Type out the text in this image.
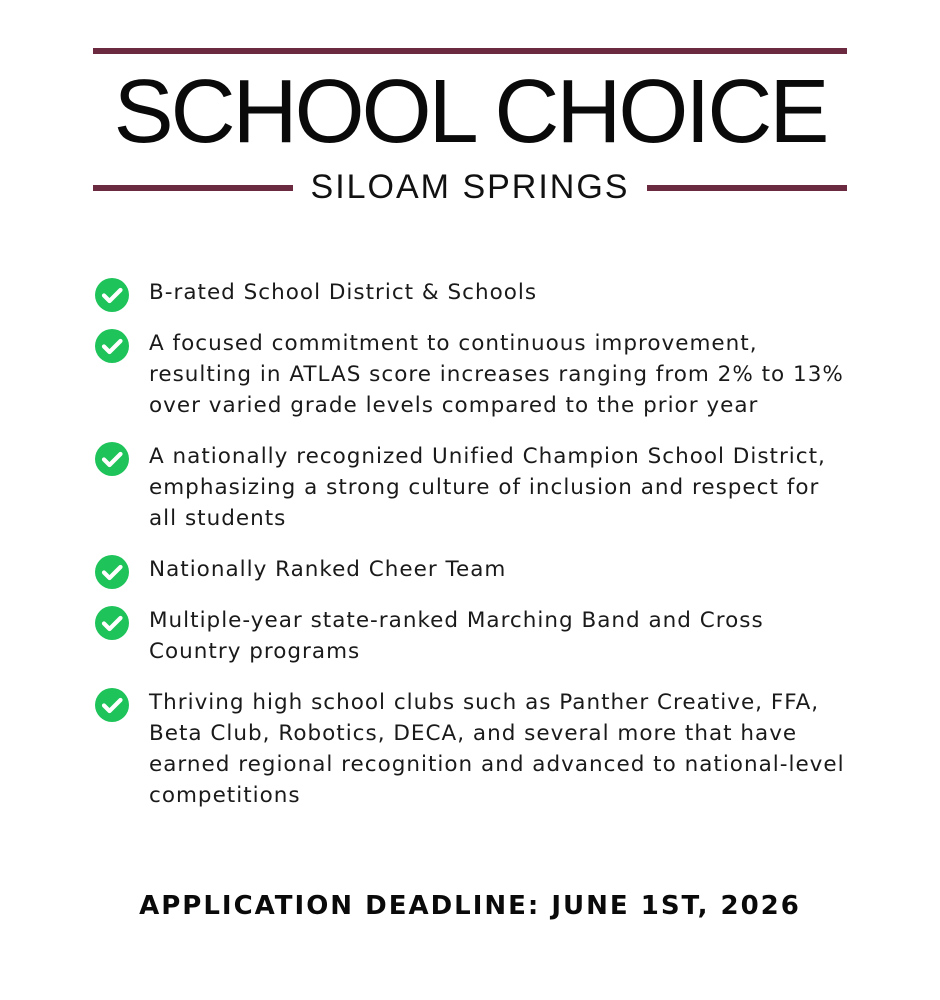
SCHOOL CHOICE
SILOAM SPRINGS
B-rated School District & Schools
A focused commitment to continuous improvement, resulting in ATLAS score increases ranging from 2% to 13% over varied grade levels compared to the prior year
A nationally recognized Unified Champion School District, emphasizing a strong culture of inclusion and respect for all students
Nationally Ranked Cheer Team
Multiple-year state-ranked Marching Band and Cross Country programs
Thriving high school clubs such as Panther Creative, FFA, Beta Club, Robotics, DECA, and several more that have earned regional recognition and advanced to national-level competitions
APPLICATION DEADLINE: JUNE 1ST, 2026
